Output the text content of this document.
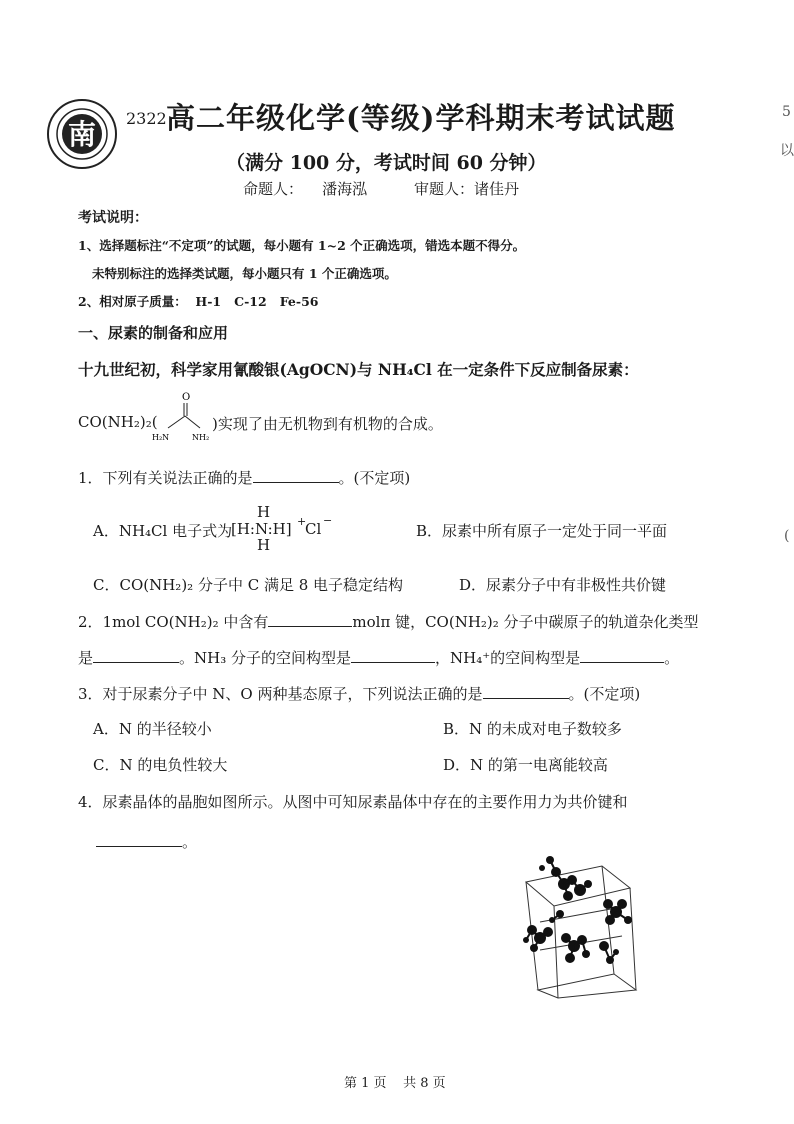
南 2322 高二年级化学(等级)学科期末考试试题
（满分 100 分，考试时间 60 分钟）
命题人：    潘海泓	审题人：诸佳丹
考试说明：
1、选择题标注“不定项”的试题，每小题有 1~2 个正确选项，错选本题不得分。
未特别标注的选择类试题，每小题只有 1 个正确选项。
2、相对原子质量：  H-1   C-12   Fe-56
一、尿素的制备和应用
十九世纪初，科学家用氰酸银(AgOCN)与 NH₄Cl 在一定条件下反应制备尿素：
CO(NH₂)₂(
O
H₂N	NH₂
)实现了由无机物到有机物的合成。
1．下列有关说法正确的是	。(不定项)
A．NH₄Cl 电子式为
H
[H:N:H] +
Cl −
H
B．尿素中所有原子一定处于同一平面
C．CO(NH₂)₂ 分子中 C 满足 8 电子稳定结构	D．尿素分子中有非极性共价键
2．1mol CO(NH₂)₂ 中含有	molπ 键，CO(NH₂)₂ 分子中碳原子的轨道杂化类型
是	。NH₃ 分子的空间构型是	，NH₄⁺的空间构型是	。
3．对于尿素分子中 N、O 两种基态原子，下列说法正确的是	。(不定项)
A．N 的半径较小	B．N 的未成对电子数较多
C．N 的电负性较大	D．N 的第一电离能较高
4．尿素晶体的晶胞如图所示。从图中可知尿素晶体中存在的主要作用力为共价键和
。
第 1 页    共 8 页
5
以
(
